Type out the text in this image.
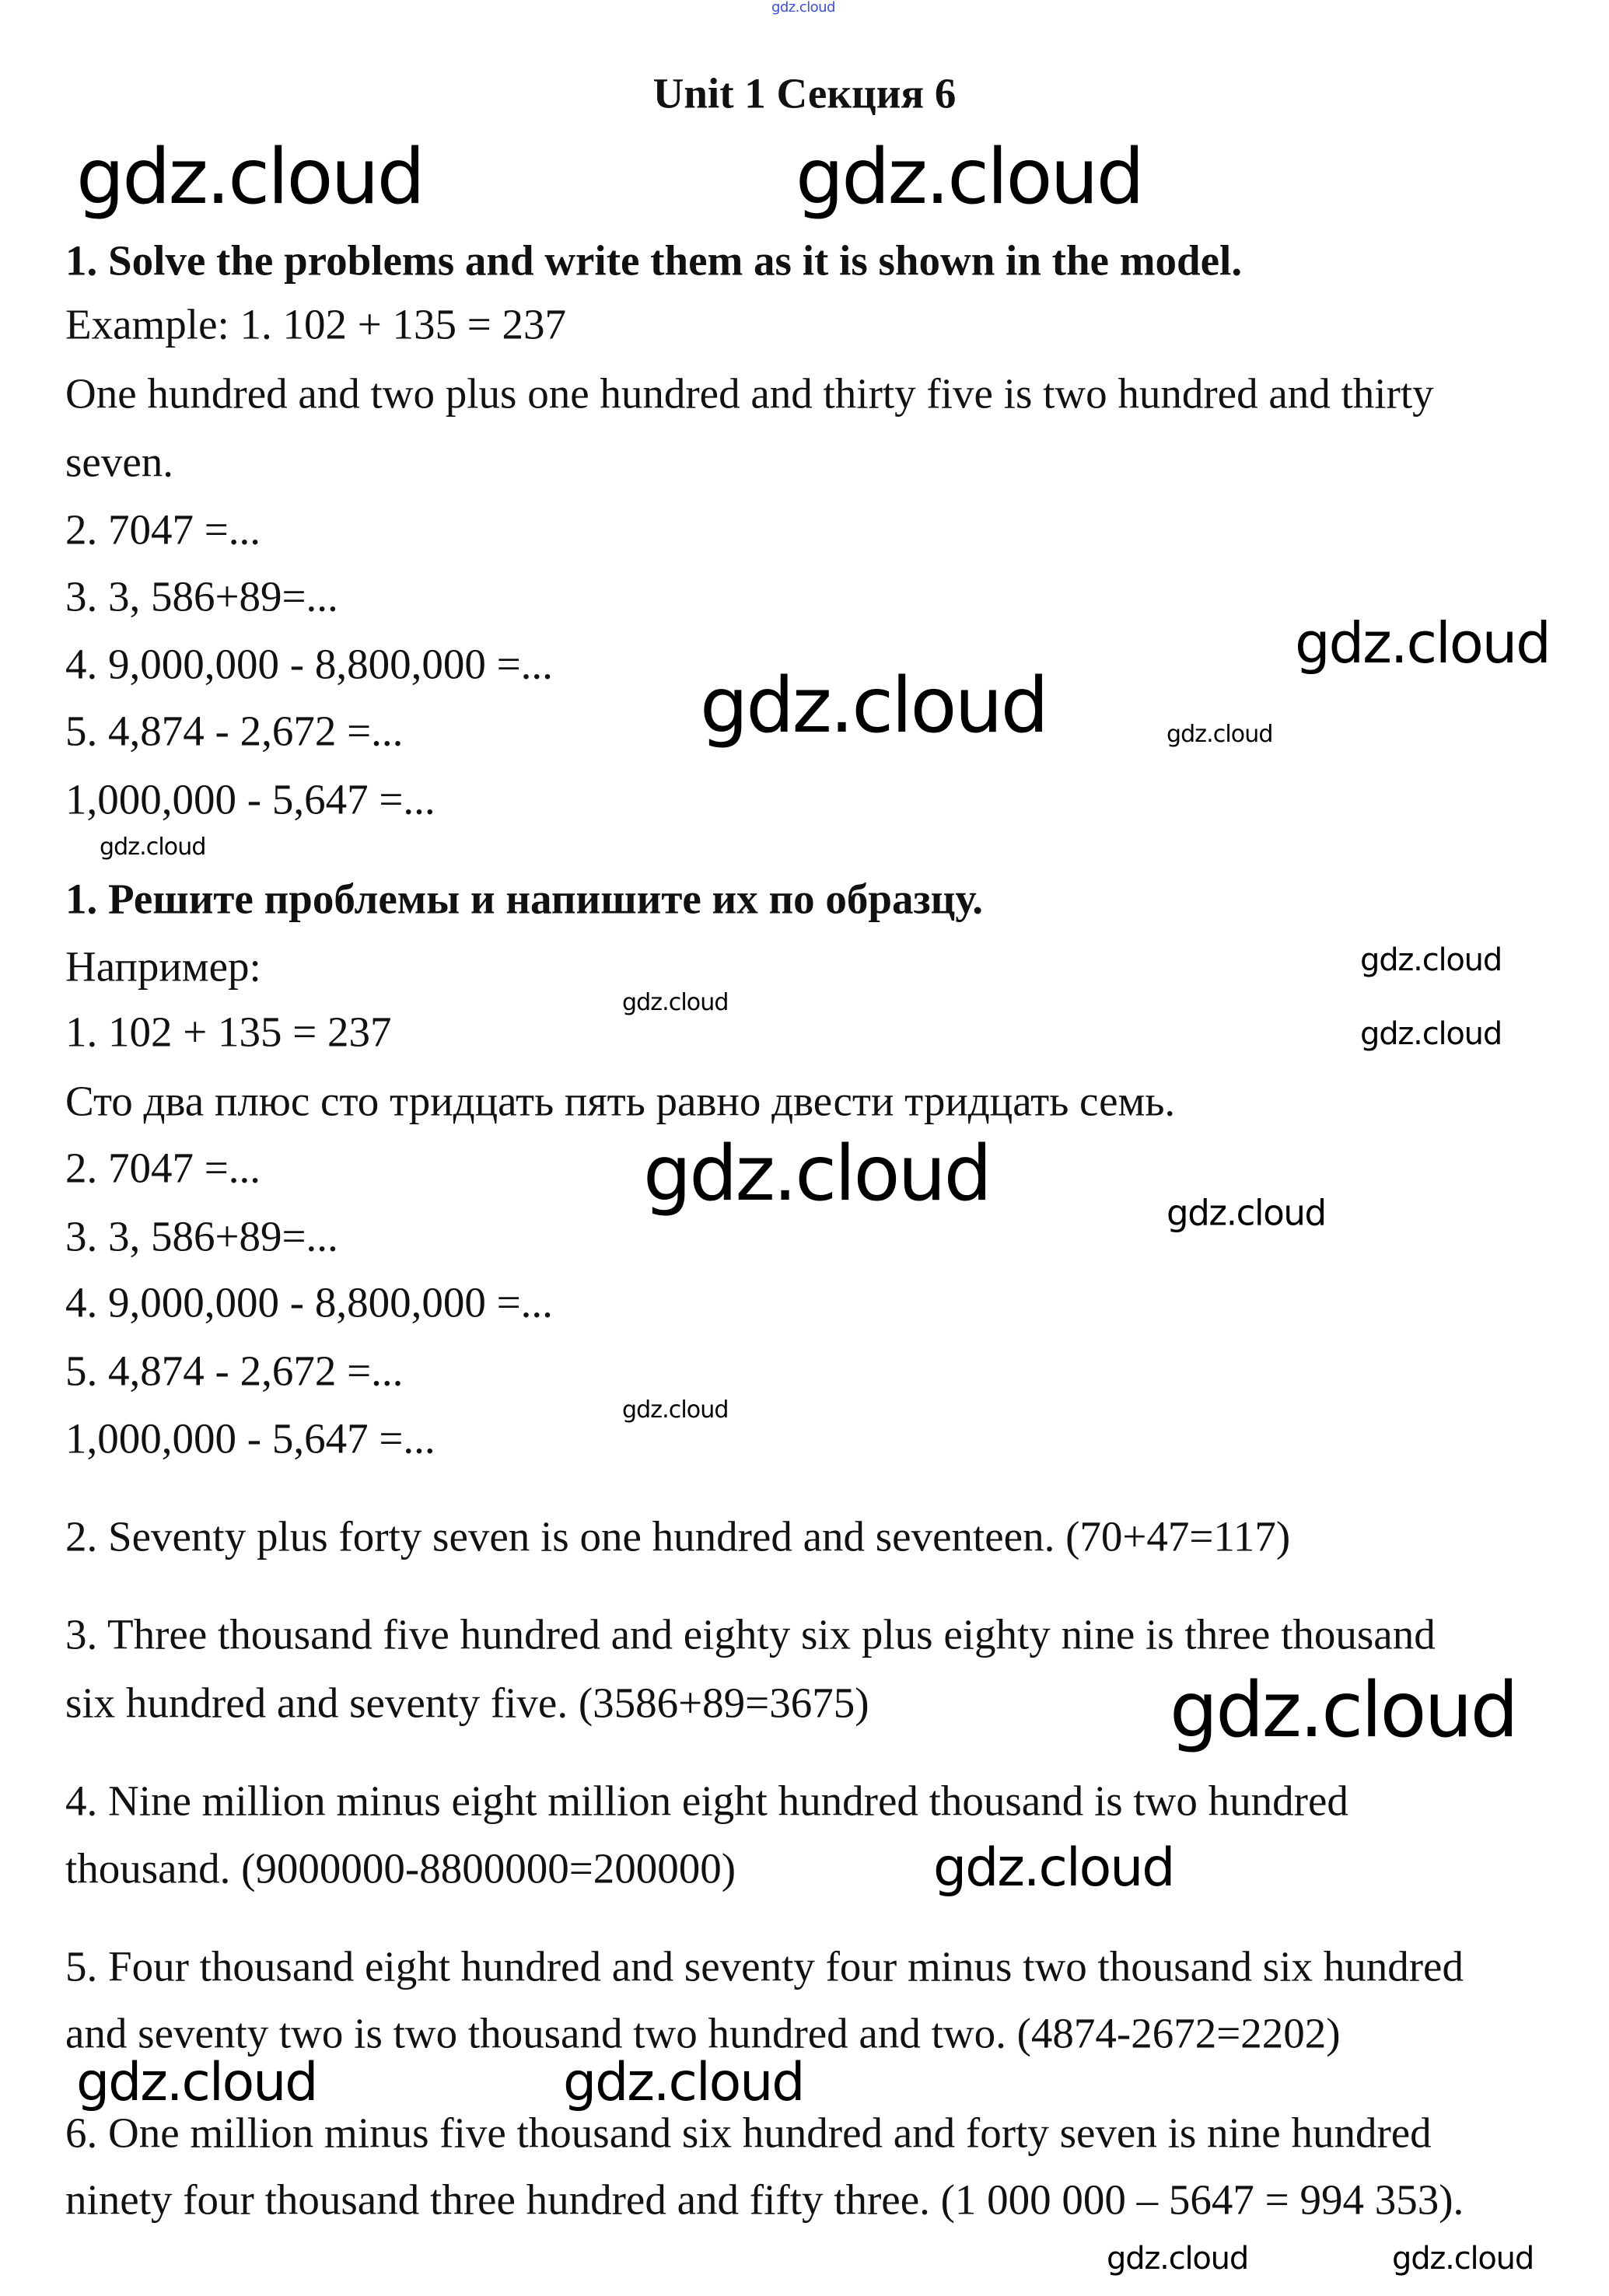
gdz.cloud
Unit 1 Секция 6
1. Solve the problems and write them as it is shown in the model.
Example: 1. 102 + 135 = 237
One hundred and two plus one hundred and thirty five is two hundred and thirty
seven.
2. 7047 =...
3. 3, 586+89=...
4. 9,000,000 - 8,800,000 =...
5. 4,874 - 2,672 =...
1,000,000 - 5,647 =...
1. Решите проблемы и напишите их по образцу.
Например:
1. 102 + 135 = 237
Сто два плюс сто тридцать пять равно двести тридцать семь.
2. 7047 =...
3. 3, 586+89=...
4. 9,000,000 - 8,800,000 =...
5. 4,874 - 2,672 =...
1,000,000 - 5,647 =...
2. Seventy plus forty seven is one hundred and seventeen. (70+47=117)
3. Three thousand five hundred and eighty six plus eighty nine is three thousand
six hundred and seventy five. (3586+89=3675)
4. Nine million minus eight million eight hundred thousand is two hundred
thousand. (9000000-8800000=200000)
5. Four thousand eight hundred and seventy four minus two thousand six hundred
and seventy two is two thousand two hundred and two. (4874-2672=2202)
6. One million minus five thousand six hundred and forty seven is nine hundred
ninety four thousand three hundred and fifty three. (1 000 000 – 5647 = 994 353).
gdz.cloud	gdz.cloud
gdz.cloud
gdz.cloud	gdz.cloud
gdz.cloud
gdz.cloud
gdz.cloud
gdz.cloud
gdz.cloud	gdz.cloud
gdz.cloud
gdz.cloud
gdz.cloud
gdz.cloud	gdz.cloud
gdz.cloud	gdz.cloud
